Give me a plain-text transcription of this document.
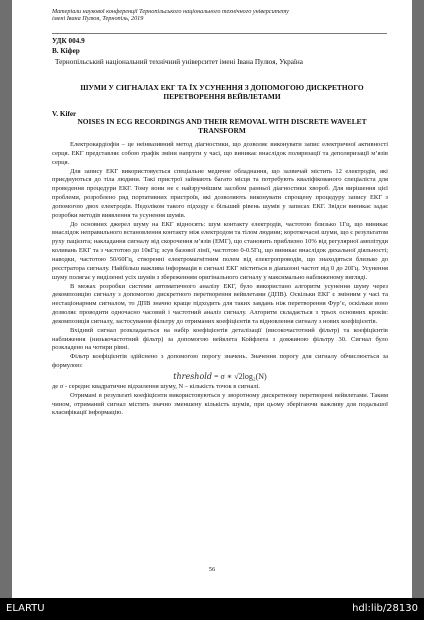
Матеріали наукової конференції Тернопільського національного технічного університету
імені Івана Пулюя, Тернопіль, 2019
УДК 004.9
В. Кіфер
Тернопільський національний технічний університет імені Івана Пулюя, Україна
ШУМИ У СИГНАЛАХ ЕКГ ТА ЇХ УСУНЕННЯ З ДОПОМОГОЮ ДИСКРЕТНОГО ПЕРЕТВОРЕННЯ ВЕЙВЛЕТАМИ
V. Kifer
NOISES IN ECG RECORDINGS AND THEIR REMOVAL WITH DISCRETE WAVELET TRANSFORM

Електрокардіофія – це неінвазивний метод діагностики, що дозволяє виконувати запис електричної активності серця. ЕКГ представляє собою графік зміни напруги у часі, що виникає внаслідок поляризації та деполяризації м’язів серця.

Для запису ЕКГ використовується спеціальне медичне обладнання, що зазвичай містить 12 електродів, які приєднуються до тіла людини. Такі пристрої займають багато місця та потребують кваліфікованого спеціаліста для проведення процедури ЕКГ. Тому вони не є найзручнішим засобом ранньої діагностики хвороб. Для вирішення цієї проблеми, розроблено ряд портативних пристроїв, які дозволяють виконувати спрощену процедуру запису ЕКГ з допомогою двох електродів. Недоліком такого підходу є більший рівень шумів у записах ЕКГ. Звідси виникає задає розробки методів виявлення та усунення шумів.

До основних джерел шуму на ЕКГ відносять: шум контакту електродів, частотою близько 1Гц, що виникає внаслідок неправильного встановлення контакту між електродом та тілом людини; короткочасні шуми, що є результатом руху пацієнта; накладання сигналу від скорочення м’язів (ЕМГ), що становить приблизно 10% від регулярної амплітуди коливань ЕКГ та з частотою до 10кГц; зсув базової лінії, частотою 0-0.5Гц, що виникає внаслідок дихальної діяльності; наводки, частотою 50/60Гц, створенні електромагнітним полем від електропроводів, що знаходяться близько до реєстратора сигналу. Найбільш важлива інформація в сигналі ЕКГ міститься в діапазоні частот від 0 до 20Гц. Усунення шуму полягає у виділенні усіх шумів з збереженням оригінального сигналу у максимально наближеному вигляді.

В межах розробки системи автоматичного аналізу ЕКГ, було використано алгоритм усунення шуму через декомпозицію сигналу з допомогою дискретного перетворення вейвлетами (ДПВ). Оскільки ЕКГ є змінним у часі та нестаціонарним сигналом, то ДПВ значно краще підходить для таких завдань ніж перетворення Фур’є, оскільки воно дозволяє проводити одночасно часовий і частотний аналіз сигналу. Алгоритм складається з трьох основних кроків: декомпозиція сигналу, застосування фільтру до отриманих коефіцієнтів та відновлення сигналу з нових коефіцієнтів.

Вхідний сигнал розкладається на набір коефіцієнтів деталізації (високочастотний фільтр) та коефіцієнтів наближення (низькочастотний фільтр) за допомогою вейвлета Койфлета з довжиною фільтру 30. Сигнал було розкладено на чотири рівні.

Фільтр коефіцієнтів здійснено з допомогою порогу значень. Значення порогу для сигналу обчислюється за формулою:

threshold = σ ∗ √2log₂(N)

де σ - середнє квадратичне відхилення шуму, N – кількість точок в сигналі.

Отримані в результаті коефіцієнти використовуються у зворотному дискретному перетворені вейвлетами. Таким чином, отриманий сигнал містить значно зменшену кількість шумів, при цьому зберігаючи важливу для подальшої класифікації інформацію.

56
ELARTU	hdl:lib/28130
